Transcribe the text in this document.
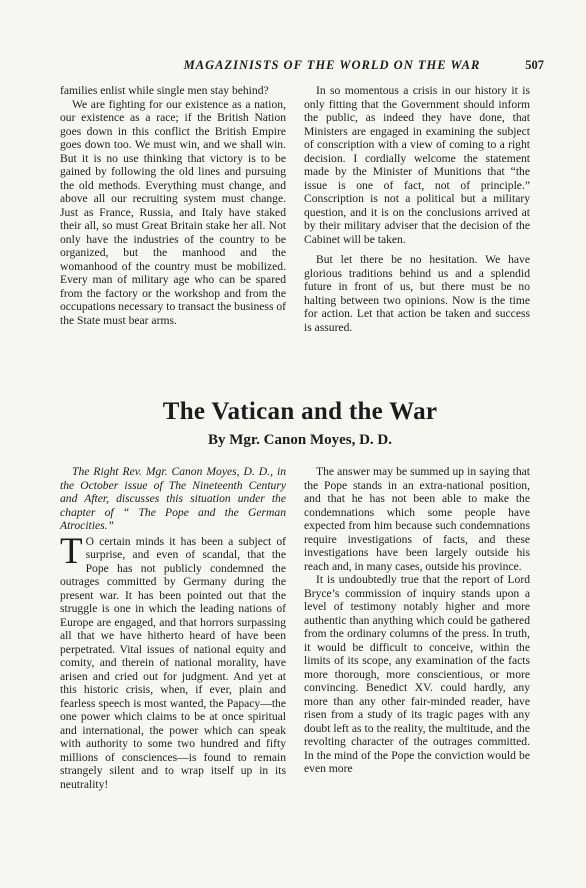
MAGAZINISTS OF THE WORLD ON THE WAR	507

families enlist while single men stay behind?

We are fighting for our existence as a nation, our existence as a race; if the British Nation goes down in this conflict the British Empire goes down too. We must win, and we shall win. But it is no use thinking that victory is to be gained by following the old lines and pursuing the old methods. Everything must change, and above all our recruiting system must change. Just as France, Russia, and Italy have staked their all, so must Great Britain stake her all. Not only have the industries of the country to be organized, but the manhood and the womanhood of the country must be mobilized. Every man of military age who can be spared from the factory or the workshop and from the occupations necessary to transact the business of the State must bear arms.

In so momentous a crisis in our history it is only fitting that the Government should inform the public, as indeed they have done, that Ministers are engaged in examining the subject of conscription with a view of coming to a right decision. I cordially welcome the statement made by the Minister of Munitions that “the issue is one of fact, not of principle.” Conscription is not a political but a military question, and it is on the conclusions arrived at by their military adviser that the decision of the Cabinet will be taken.

But let there be no hesitation. We have glorious traditions behind us and a splendid future in front of us, but there must be no halting between two opinions. Now is the time for action. Let that action be taken and success is assured.

The Vatican and the War
By Mgr. Canon Moyes, D. D.

The Right Rev. Mgr. Canon Moyes, D. D., in the October issue of The Nineteenth Century and After, discusses this situation under the chapter of “ The Pope and the German Atrocities.”

T O certain minds it has been a subject of surprise, and even of scandal, that the Pope has not publicly condemned the outrages committed by Germany during the present war. It has been pointed out that the struggle is one in which the leading nations of Europe are engaged, and that horrors surpassing all that we have hitherto heard of have been perpetrated. Vital issues of national equity and comity, and therein of national morality, have arisen and cried out for judgment. And yet at this historic crisis, when, if ever, plain and fearless speech is most wanted, the Papacy—the one power which claims to be at once spiritual and international, the power which can speak with authority to some two hundred and fifty millions of consciences—is found to remain strangely silent and to wrap itself up in its neutrality!

The answer may be summed up in saying that the Pope stands in an extra-national position, and that he has not been able to make the condemnations which some people have expected from him because such condemnations require investigations of facts, and these investigations have been largely outside his reach and, in many cases, outside his province.

It is undoubtedly true that the report of Lord Bryce’s commission of inquiry stands upon a level of testimony notably higher and more authentic than anything which could be gathered from the ordinary columns of the press. In truth, it would be difficult to conceive, within the limits of its scope, any examination of the facts more thorough, more conscientious, or more convincing. Benedict XV. could hardly, any more than any other fair-minded reader, have risen from a study of its tragic pages with any doubt left as to the reality, the multitude, and the revolting character of the outrages committed. In the mind of the Pope the conviction would be even more
